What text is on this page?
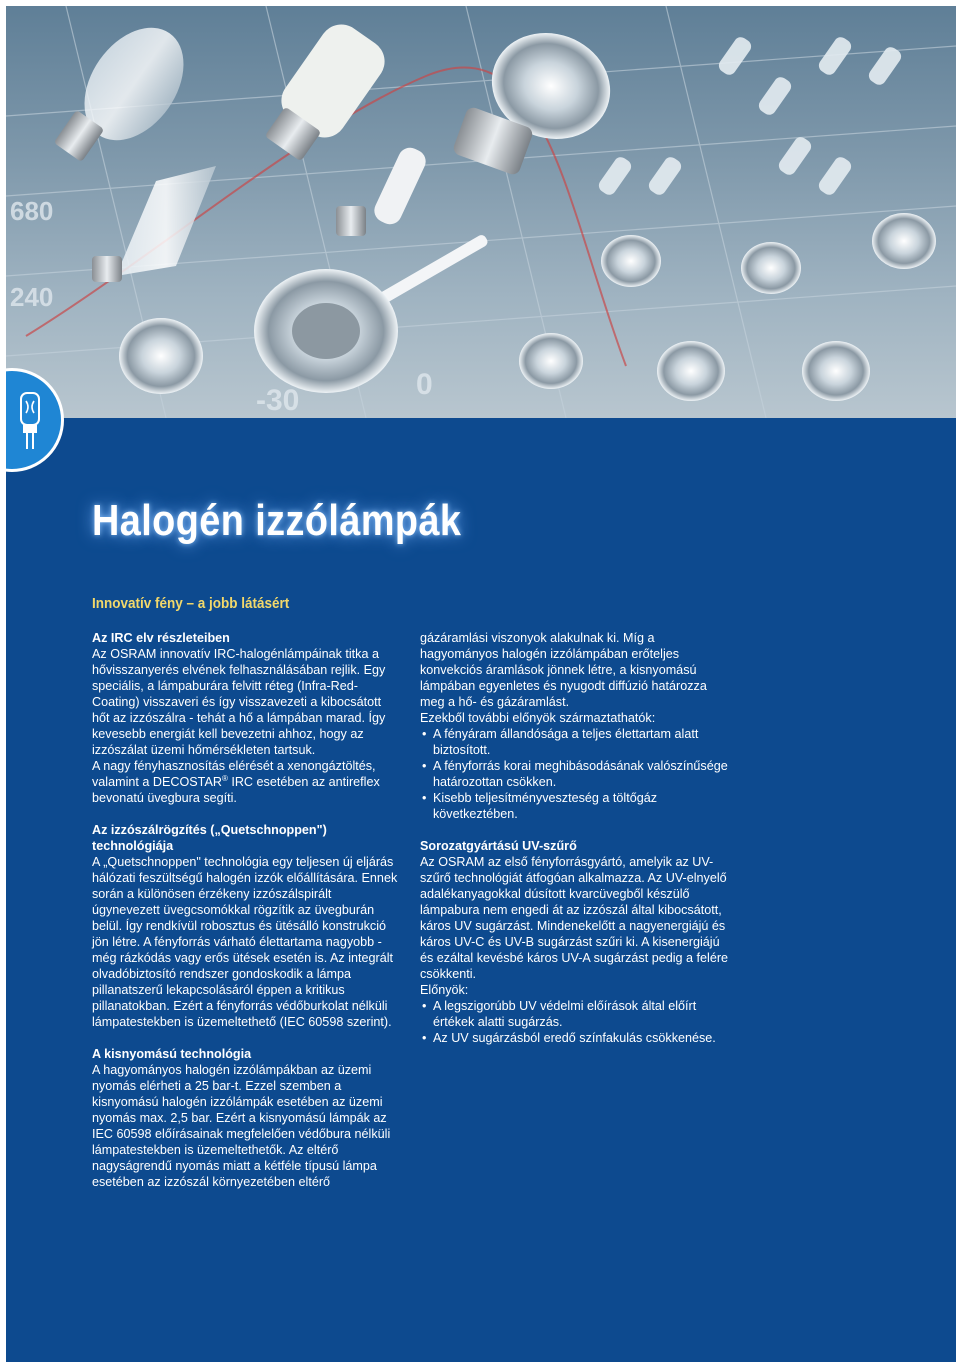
680
240
-30	0
Halogén izzólámpák
Innovatív fény – a jobb látásért
Az IRC elv részleteiben

Az OSRAM innovatív IRC-halogénlámpáinak titka a hővisszanyerés elvének felhasználásában rejlik. Egy speciális, a lámpaburára felvitt réteg (Infra-Red-Coating) visszaveri és így visszavezeti a kibocsátott hőt az izzószálra - tehát a hő a lámpában marad. Így kevesebb energiát kell bevezetni ahhoz, hogy az izzószálat üzemi hőmérsékleten tartsuk.

A nagy fényhasznosítás elérését a xenongáztöltés, valamint a DECOSTAR® IRC esetében az antireflex bevonatú üvegbura segíti.

Az izzószálrögzítés („Quetschnoppen") technológiája

A „Quetschnoppen" technológia egy teljesen új eljárás hálózati feszültségű halogén izzók előállítására. Ennek során a különösen érzékeny izzószálspirált úgynevezett üvegcsomókkal rögzítik az üvegburán belül. Így rendkívül robosztus és ütésálló konstrukció jön létre. A fényforrás várható élettartama nagyobb - még rázkódás vagy erős ütések esetén is. Az integrált olvadóbiztosító rendszer gondoskodik a lámpa pillanatszerű lekapcsolásáról éppen a kritikus pillanatokban. Ezért a fényforrás védőburkolat nélküli lámpatestekben is üzemeltethető (IEC 60598 szerint).

A kisnyomású technológia

A hagyományos halogén izzólámpákban az üzemi nyomás elérheti a 25 bar-t. Ezzel szemben a kisnyomású halogén izzólámpák esetében az üzemi nyomás max. 2,5 bar. Ezért a kisnyomású lámpák az IEC 60598 előírásainak megfelelően védőbura nélküli lámpatestekben is üzemeltethetők. Az eltérő nagyságrendű nyomás miatt a kétféle típusú lámpa esetében az izzószál környezetében eltérő

gázáramlási viszonyok alakulnak ki. Míg a hagyományos halogén izzólámpában erőteljes konvekciós áramlások jönnek létre, a kisnyomású lámpában egyenletes és nyugodt diffúzió határozza meg a hő- és gázáramlást.

Ezekből további előnyök származtathatók:

• A fényáram állandósága a teljes élettartam alatt biztosított.
• A fényforrás korai meghibásodásának valószínűsége határozottan csökken.
• Kisebb teljesítményveszteség a töltőgáz következtében.
Sorozatgyártású UV-szűrő

Az OSRAM az első fényforrásgyártó, amelyik az UV-szűrő technológiát átfogóan alkalmazza. Az UV-elnyelő adalékanyagokkal dúsított kvarcüvegből készülő lámpabura nem engedi át az izzószál által kibocsátott, káros UV sugárzást. Mindenekelőtt a nagyenergiájú és káros UV-C és UV-B sugárzást szűri ki. A kisenergiájú és ezáltal kevésbé káros UV-A sugárzást pedig a felére csökkenti.

Előnyök:

• A legszigorúbb UV védelmi előírások által előírt értékek alatti sugárzás.
• Az UV sugárzásból eredő színfakulás csökkenése.
